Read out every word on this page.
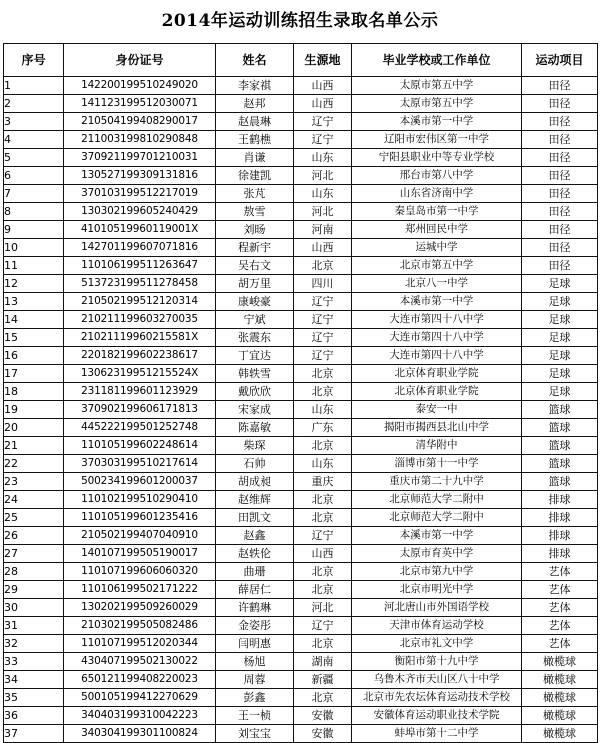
2014年运动训练招生录取名单公示
序号	身份证号	姓名	生源地	毕业学校或工作单位	运动项目
1	142200199510249020	李家祺	山西	太原市第五中学	田径
2	141123199512030071	赵邦	山西	太原市第五中学	田径
3	210504199408290017	赵晨琳	辽宁	本溪市第一中学	田径
4	211003199810290848	王鹤樵	辽宁	辽阳市宏伟区第一中学	田径
5	370921199701210031	肖谦	山东	宁阳县职业中等专业学校	田径
6	130527199309131816	徐建凯	河北	邢台市第八中学	田径
7	370103199512217019	张芃	山东	山东省济南中学	田径
8	130302199605240429	敖雪	河北	秦皇岛市第一中学	田径
9	41010519960119001X	刘旸	河南	郑州回民中学	田径
10	142701199607071816	程新宇	山西	运城中学	田径
11	110106199511263647	吴右文	北京	北京市第五中学	田径
12	513723199511278458	胡万里	四川	北京八一中学	足球
13	210502199512120314	康峻豪	辽宁	本溪市第一中学	足球
14	210211199603270035	宁斌	辽宁	大连市第四十八中学	足球
15	21021119960215581X	张震东	辽宁	大连市第四十八中学	足球
16	220182199602238617	丁宜达	辽宁	大连市第四十八中学	足球
17	13062319951215524X	韩轶雪	北京	北京体育职业学院	足球
18	231181199601123929	戴欣欣	北京	北京体育职业学院	足球
19	370902199606171813	宋家成	山东	泰安一中	篮球
20	445222199501252748	陈嘉敏	广东	揭阳市揭西县北山中学	篮球
21	110105199602248614	柴琛	北京	清华附中	篮球
22	370303199510217614	石帅	山东	淄博市第十一中学	篮球
23	500234199601200037	胡成昶	重庆	重庆市第二十九中学	篮球
24	110102199510290410	赵维辉	北京	北京师范大学二附中	排球
25	110105199601235416	田凯文	北京	北京师范大学二附中	排球
26	210502199407040910	赵鑫	辽宁	本溪市第一中学	排球
27	140107199505190017	赵轶伦	山西	太原市育英中学	排球
28	110107199606060320	曲珊	北京	北京市第九中学	艺体
29	110106199502171222	薛居仁	北京	北京市明光中学	艺体
30	130202199509260029	许鹤琳	河北	河北唐山市外国语学校	艺体
31	210302199505082486	金姿彤	辽宁	天津市体育运动学校	艺体
32	110107199512020344	闫明惠	北京	北京市礼文中学	艺体
33	430407199502130022	杨旭	湖南	衡阳市第十九中学	橄榄球
34	650121199408220023	周蓉	新疆	乌鲁木齐市天山区八十中学	橄榄球
35	500105199412270629	彭鑫	北京	北京市先农坛体育运动技术学校	橄榄球
36	340403199310042223	王一桢	安徽	安徽体育运动职业技术学院	橄榄球
37	340304199301100824	刘宝宝	安徽	蚌埠市第十二中学	橄榄球
